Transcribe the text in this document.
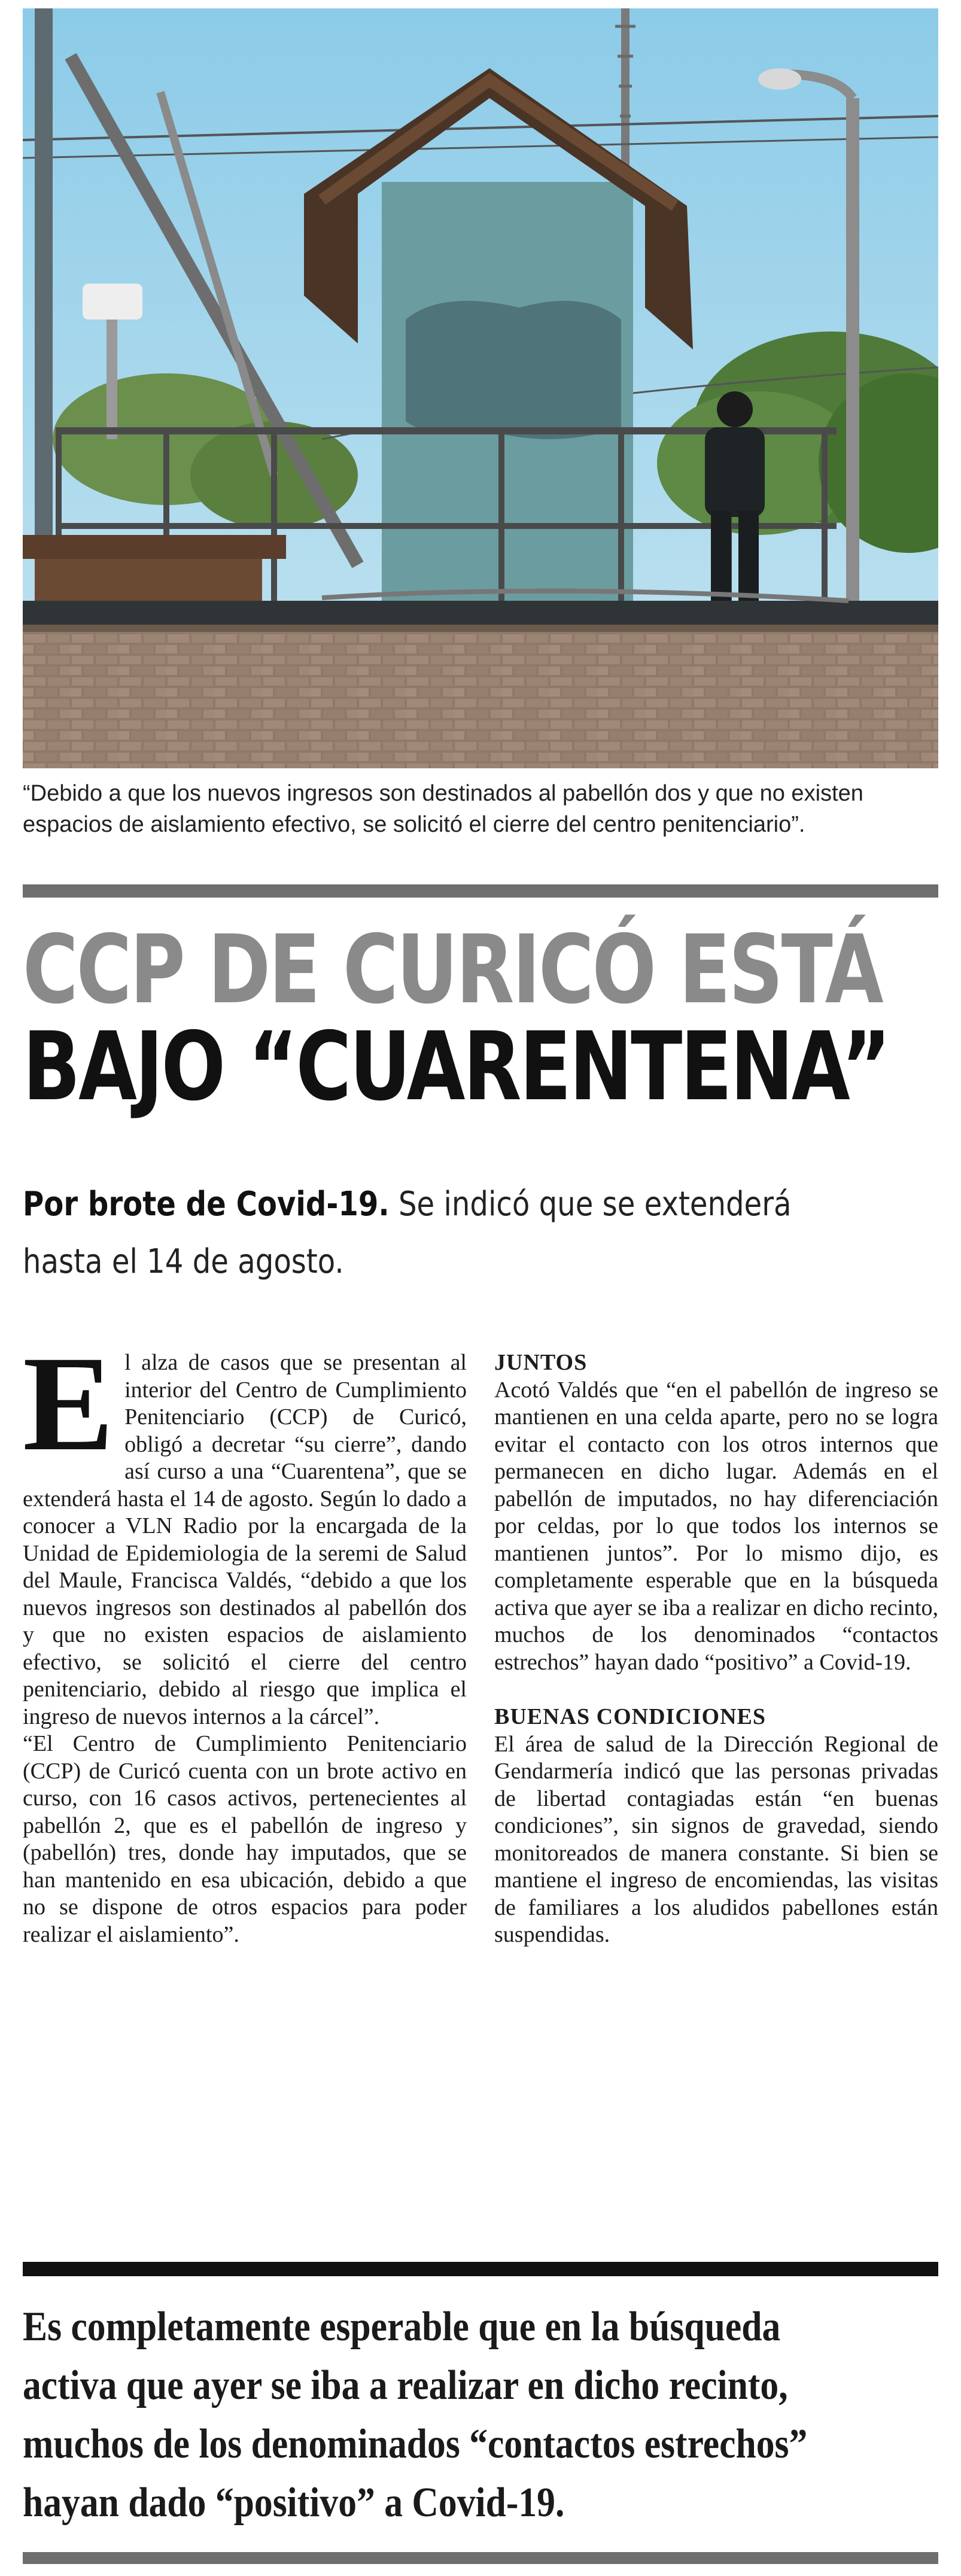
“Debido a que los nuevos ingresos son destinados al pabellón dos y que no existen espacios de aislamiento efectivo, se solicitó el cierre del centro penitenciario”.

CCP DE CURICÓ ESTÁ
BAJO “CUARENTENA”

Por brote de Covid-19. Se indicó que se extenderá hasta el 14 de agosto.

E l alza de casos que se presentan al interior del Centro de Cumplimiento Penitenciario (CCP) de Curicó, obligó a decretar “su cierre”, dando así curso a una “Cuarentena”, que se extenderá hasta el 14 de agosto. Según lo dado a conocer a VLN Radio por la encargada de la Unidad de Epidemiologia de la seremi de Salud del Maule, Francisca Valdés, “debido a que los nuevos ingresos son destinados al pabellón dos y que no existen espacios de aislamiento efectivo, se solicitó el cierre del centro penitenciario, debido al riesgo que implica el ingreso de nuevos internos a la cárcel”.

“El Centro de Cumplimiento Penitenciario (CCP) de Curicó cuenta con un brote activo en curso, con 16 casos activos, pertenecientes al pabellón 2, que es el pabellón de ingreso y (pabellón) tres, donde hay imputados, que se han mantenido en esa ubicación, debido a que no se dispone de otros espacios para poder realizar el aislamiento”.

JUNTOS

Acotó Valdés que “en el pabellón de ingreso se mantienen en una celda aparte, pero no se logra evitar el contacto con los otros internos que permanecen en dicho lugar. Además en el pabellón de imputados, no hay diferenciación por celdas, por lo que todos los internos se mantienen juntos”. Por lo mismo dijo, es completamente esperable que en la búsqueda activa que ayer se iba a realizar en dicho recinto, muchos de los denominados “contactos estrechos” hayan dado “positivo” a Covid-19.

BUENAS CONDICIONES

El área de salud de la Dirección Regional de Gendarmería indicó que las personas privadas de libertad contagiadas están “en buenas condiciones”, sin signos de gravedad, siendo monitoreados de manera constante. Si bien se mantiene el ingreso de encomiendas, las visitas de familiares a los aludidos pabellones están suspendidas.

Es completamente esperable que en la búsqueda
activa que ayer se iba a realizar en dicho recinto,
muchos de los denominados “contactos estrechos”
hayan dado “positivo” a Covid-19.
